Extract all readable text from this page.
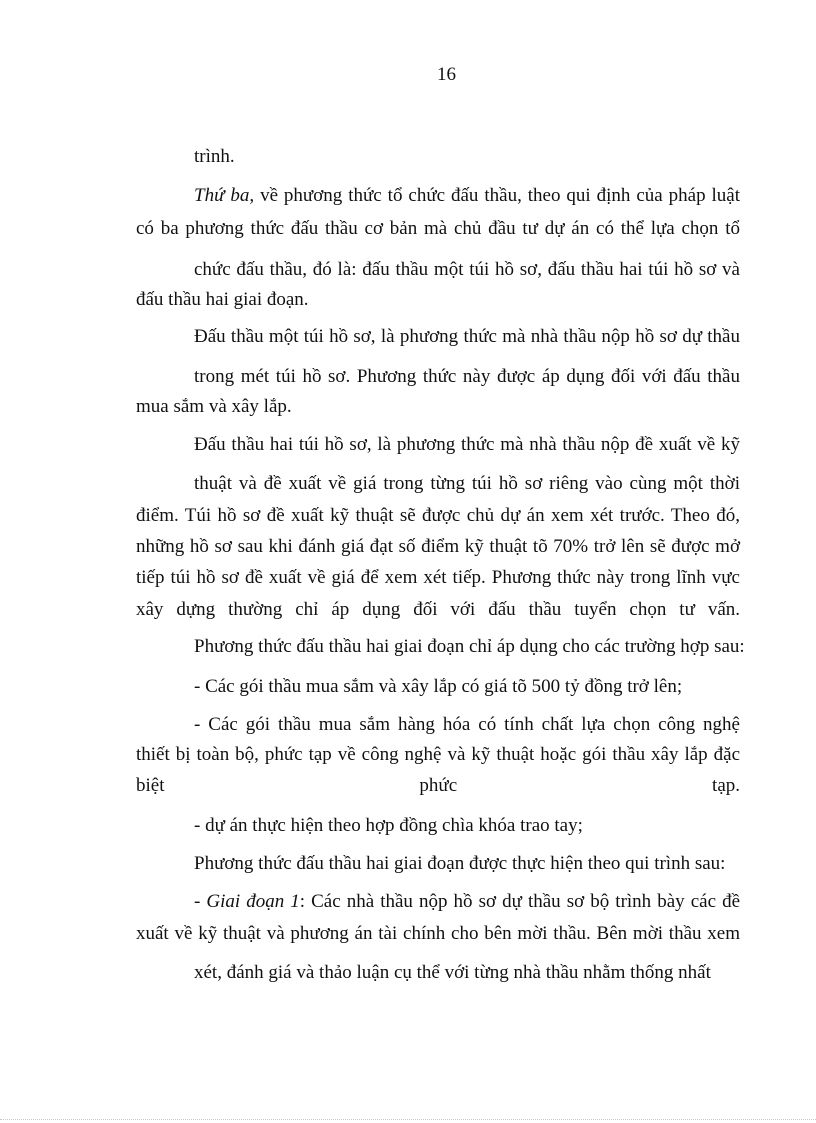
16
trình.
Thứ ba, về phương thức tổ chức đấu thầu, theo qui định của pháp luật
có ba phương thức đấu thầu cơ bản mà chủ đầu tư dự án có thể lựa chọn tổ
chức đấu thầu, đó là: đấu thầu một túi hồ sơ, đấu thầu hai túi hồ sơ và
đấu thầu hai giai đoạn.
Đấu thầu một túi hồ sơ, là phương thức mà nhà thầu nộp hồ sơ dự thầu
trong mét túi hồ sơ. Phương thức này được áp dụng đối với đấu thầu
mua sắm và xây lắp.
Đấu thầu hai túi hồ sơ, là phương thức mà nhà thầu nộp đề xuất về kỹ
thuật và đề xuất về giá trong từng túi hồ sơ riêng vào cùng một thời
điểm. Túi hồ sơ đề xuất kỹ thuật sẽ được chủ dự án xem xét trước. Theo đó,
những hồ sơ sau khi đánh giá đạt số điểm kỹ thuật tõ 70% trở lên sẽ được mở
tiếp túi hồ sơ đề xuất về giá để xem xét tiếp. Phương thức này trong lĩnh vực
xây dựng thường chỉ áp dụng đối với đấu thầu tuyển chọn tư vấn.
Phương thức đấu thầu hai giai đoạn chỉ áp dụng cho các trường hợp sau:
- Các gói thầu mua sắm và xây lắp có giá tõ 500 tỷ đồng trở lên;
- Các gói thầu mua sắm hàng hóa có tính chất lựa chọn công nghệ
thiết bị toàn bộ, phức tạp về công nghệ và kỹ thuật hoặc gói thầu xây lắp đặc
biệt phức tạp.
- dự án thực hiện theo hợp đồng chìa khóa trao tay;
Phương thức đấu thầu hai giai đoạn được thực hiện theo qui trình sau:
- Giai đoạn 1: Các nhà thầu nộp hồ sơ dự thầu sơ bộ trình bày các đề
xuất về kỹ thuật và phương án tài chính cho bên mời thầu. Bên mời thầu xem
xét, đánh giá và thảo luận cụ thể với từng nhà thầu nhằm thống nhất
